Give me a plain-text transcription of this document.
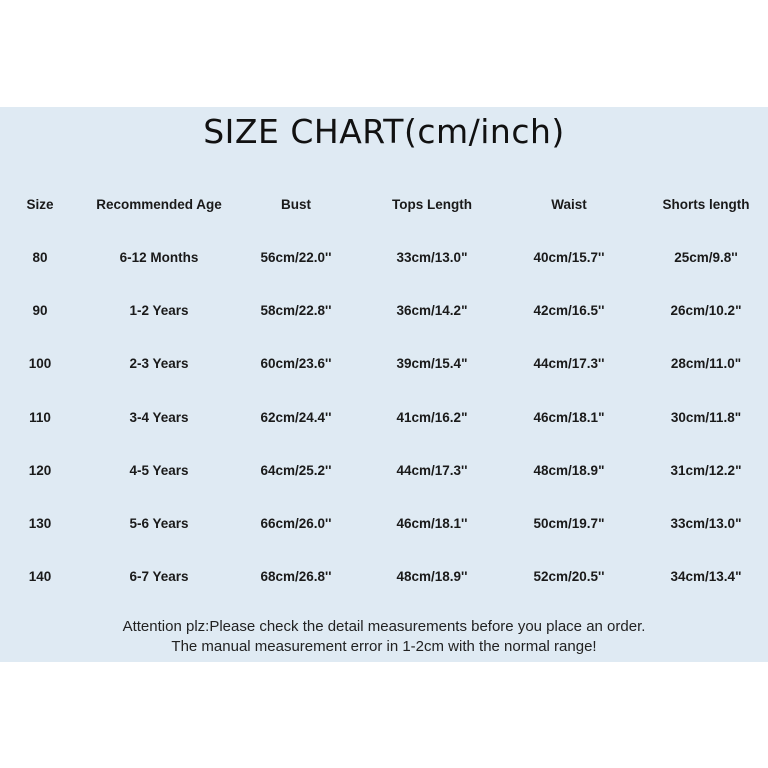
SIZE CHART(cm/inch)
Size	Recommended Age	Bust	Tops Length	Waist	Shorts length
80	6-12 Months	56cm/22.0''	33cm/13.0"	40cm/15.7''	25cm/9.8''
90	1-2 Years	58cm/22.8''	36cm/14.2"	42cm/16.5''	26cm/10.2"
100	2-3 Years	60cm/23.6''	39cm/15.4"	44cm/17.3''	28cm/11.0"
110	3-4 Years	62cm/24.4''	41cm/16.2"	46cm/18.1"	30cm/11.8"
120	4-5 Years	64cm/25.2''	44cm/17.3''	48cm/18.9"	31cm/12.2"
130	5-6 Years	66cm/26.0''	46cm/18.1''	50cm/19.7"	33cm/13.0"
140	6-7 Years	68cm/26.8''	48cm/18.9''	52cm/20.5''	34cm/13.4"
Attention plz:Please check the detail measurements before you place an order.
The manual measurement error in 1-2cm with the normal range!
